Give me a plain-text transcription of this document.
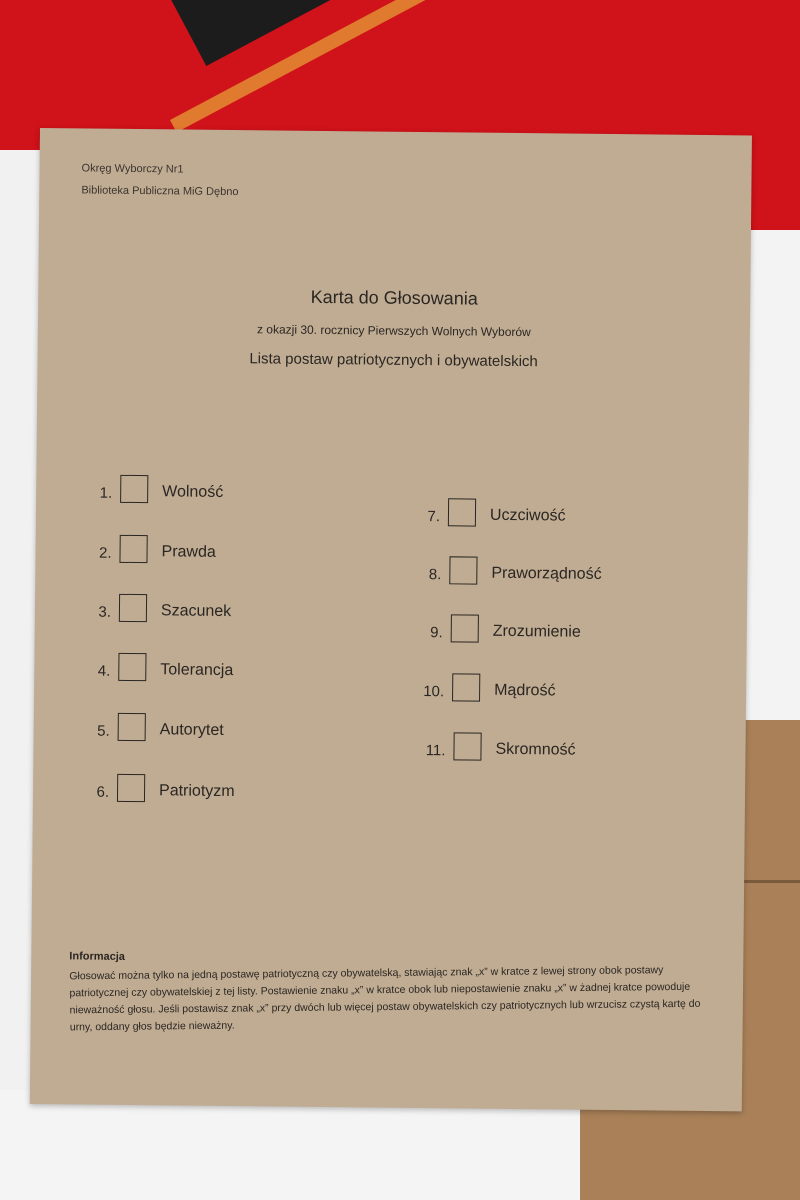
Okręg Wyborczy Nr1
Biblioteka Publiczna MiG Dębno
Karta do Głosowania
z okazji 30. rocznicy Pierwszych Wolnych Wyborów
Lista postaw patriotycznych i obywatelskich
1.	Wolność
2.	Prawda
3.	Szacunek
4.	Tolerancja
5.	Autorytet
6.	Patriotyzm
7.	Uczciwość
8.	Praworządność
9.	Zrozumienie
10.	Mądrość
11.	Skromność
Informacja
Głosować można tylko na jedną postawę patriotyczną czy obywatelską, stawiając znak „x” w kratce z lewej strony obok postawy patriotycznej czy obywatelskiej z tej listy. Postawienie znaku „x” w kratce obok lub niepostawienie znaku „x” w żadnej kratce powoduje nieważność głosu. Jeśli postawisz znak „x” przy dwóch lub więcej postaw obywatelskich czy patriotycznych lub wrzucisz czystą kartę do urny, oddany głos będzie nieważny.
